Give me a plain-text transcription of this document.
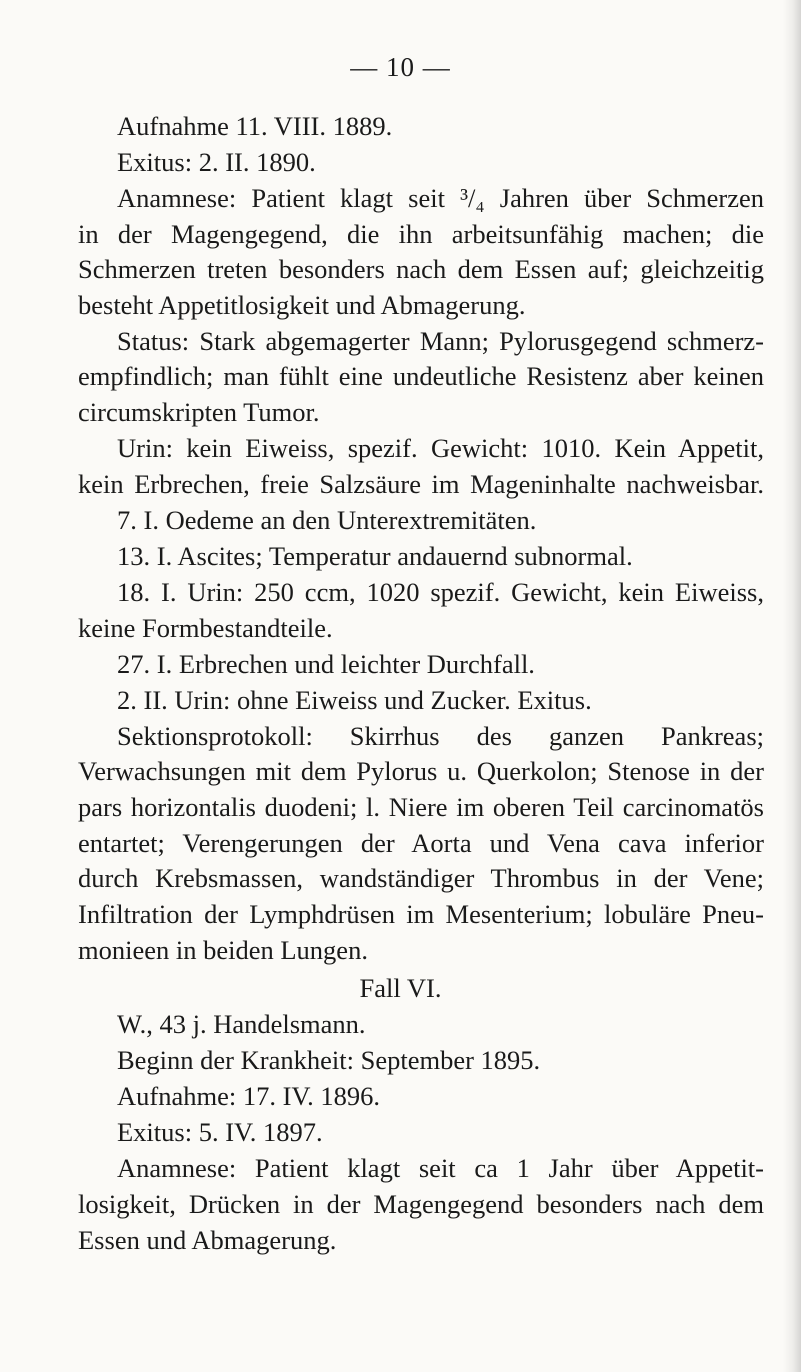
— 10 —
Aufnahme 11. VIII. 1889.
Exitus: 2. II. 1890.
Anamnese: Patient klagt seit ³/₄ Jahren über Schmerzen
in der Magengegend, die ihn arbeitsunfähig machen; die
Schmerzen treten besonders nach dem Essen auf; gleichzeitig
besteht Appetitlosigkeit und Abmagerung.
Status: Stark abgemagerter Mann; Pylorusgegend schmerz-
empfindlich; man fühlt eine undeutliche Resistenz aber keinen
circumskripten Tumor.
Urin: kein Eiweiss, spezif. Gewicht: 1010. Kein Appetit,
kein Erbrechen, freie Salzsäure im Mageninhalte nachweisbar.
7. I. Oedeme an den Unterextremitäten.
13. I. Ascites; Temperatur andauernd subnormal.
18. I. Urin: 250 ccm, 1020 spezif. Gewicht, kein Eiweiss,
keine Formbestandteile.
27. I. Erbrechen und leichter Durchfall.
2. II. Urin: ohne Eiweiss und Zucker. Exitus.
Sektionsprotokoll: Skirrhus des ganzen Pankreas;
Verwachsungen mit dem Pylorus u. Querkolon; Stenose in der
pars horizontalis duodeni; l. Niere im oberen Teil carcinomatös
entartet; Verengerungen der Aorta und Vena cava inferior
durch Krebsmassen, wandständiger Thrombus in der Vene;
Infiltration der Lymphdrüsen im Mesenterium; lobuläre Pneu-
monieen in beiden Lungen.
Fall VI.
W., 43 j. Handelsmann.
Beginn der Krankheit: September 1895.
Aufnahme: 17. IV. 1896.
Exitus: 5. IV. 1897.
Anamnese: Patient klagt seit ca 1 Jahr über Appetit-
losigkeit, Drücken in der Magengegend besonders nach dem
Essen und Abmagerung.
